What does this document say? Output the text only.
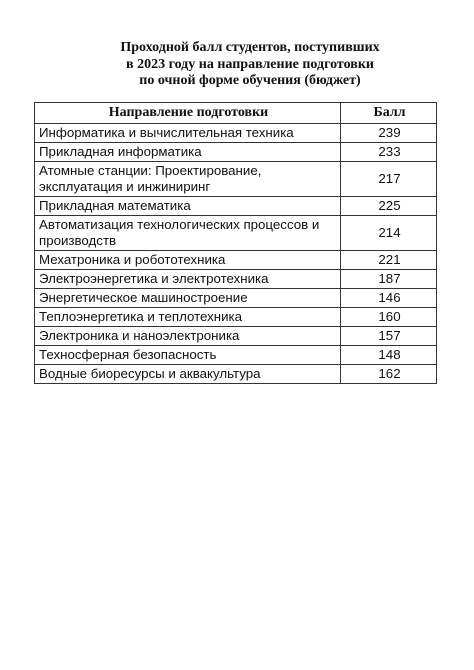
Проходной балл студентов, поступивших
в 2023 году на направление подготовки
по очной форме обучения (бюджет)
Направление подготовки	Балл
Информатика и вычислительная техника	239
Прикладная информатика	233
Атомные станции: Проектирование, эксплуатация и инжиниринг	217
Прикладная математика	225
Автоматизация технологических процессов и производств	214
Мехатроника и робототехника	221
Электроэнергетика и электротехника	187
Энергетическое машиностроение	146
Теплоэнергетика и теплотехника	160
Электроника и наноэлектроника	157
Техносферная безопасность	148
Водные биоресурсы и аквакультура	162
